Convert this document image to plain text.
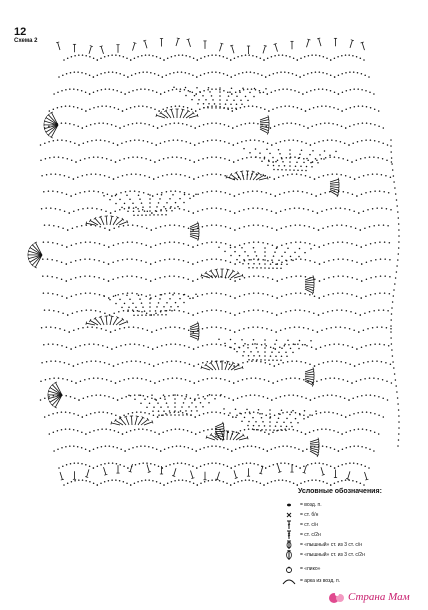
12
Схема 2
Условные обозначения:
= возд. п.
= ст. б/н
= ст. с/н
= ст. с/2н
= «пышный» ст. из 3 ст. с/н
= «пышный» ст. из 3 ст. с/2н
= «пико»
= арка из возд. п.
Страна Мам
